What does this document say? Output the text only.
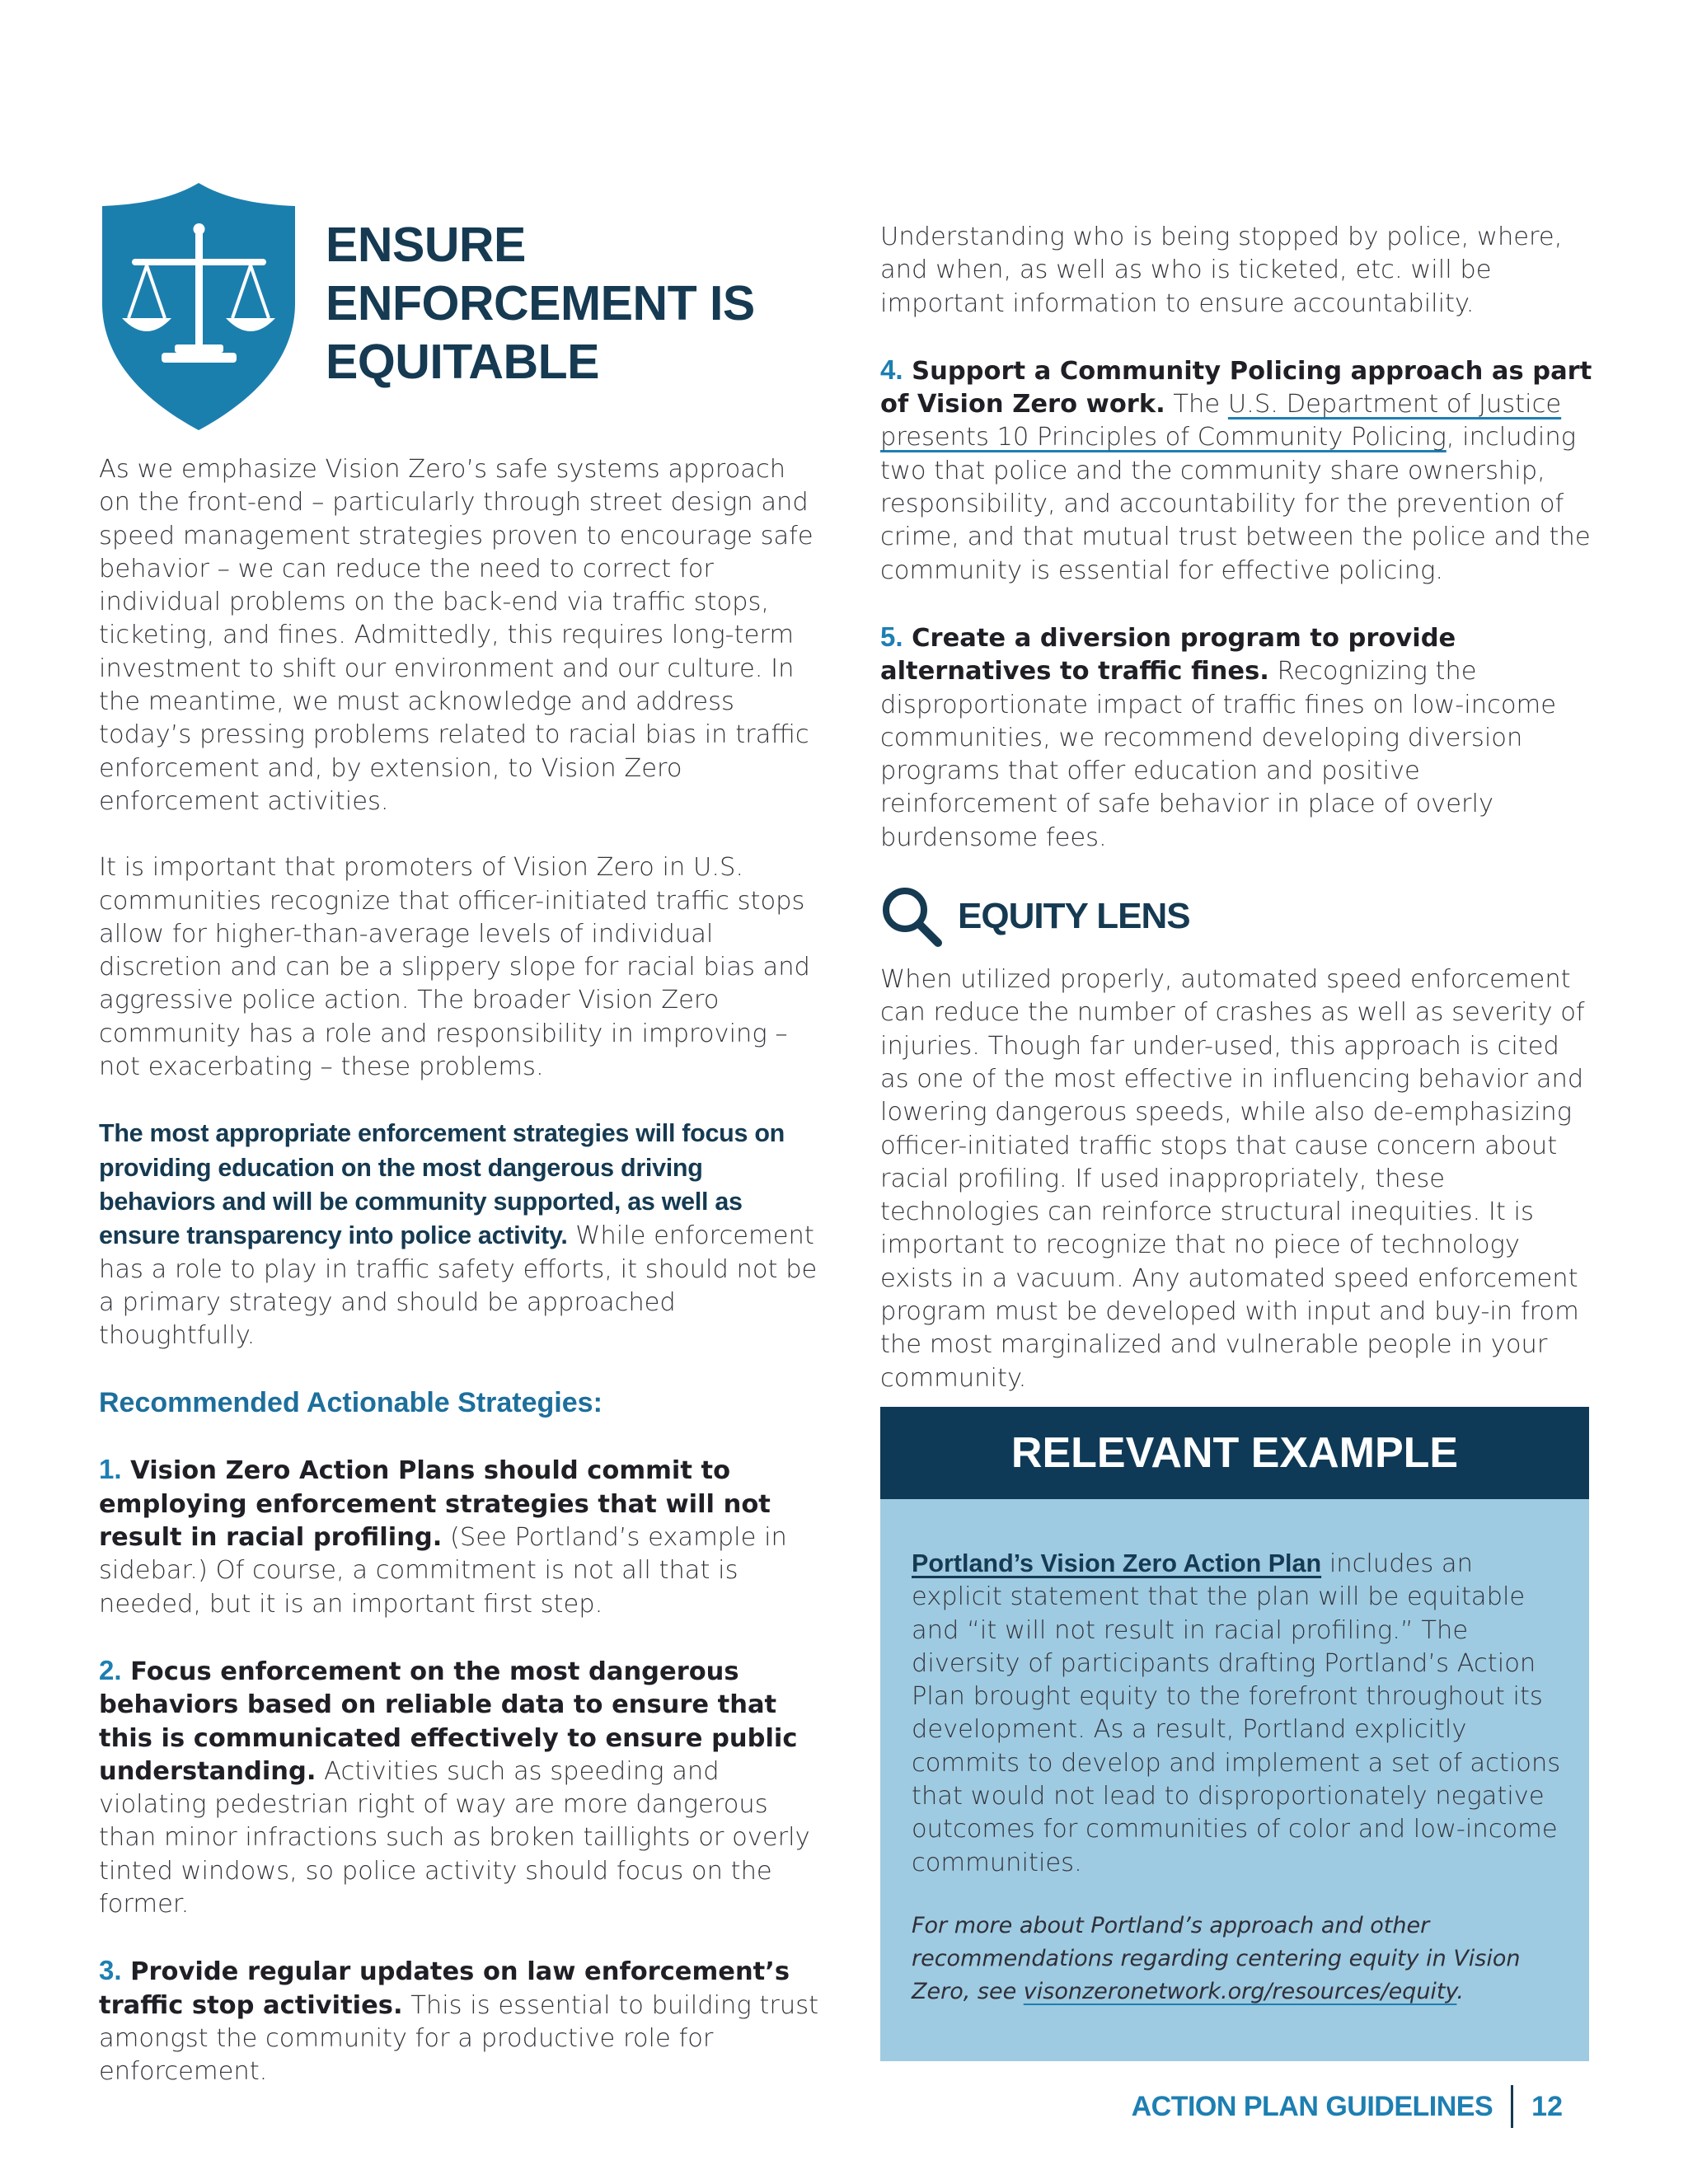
ENSURE
ENFORCEMENT IS
EQUITABLE

As we emphasize Vision Zero’s safe systems approach on the front-end – particularly through street design and speed management strategies proven to encourage safe behavior – we can reduce the need to correct for individual problems on the back-end via traffic stops, ticketing, and fines. Admittedly, this requires long-term investment to shift our environment and our culture. In the meantime, we must acknowledge and address today’s pressing problems related to racial bias in traffic enforcement and, by extension, to Vision Zero enforcement activities.

It is important that promoters of Vision Zero in U.S. communities recognize that officer-initiated traffic stops allow for higher-than-average levels of individual discretion and can be a slippery slope for racial bias and aggressive police action. The broader Vision Zero community has a role and responsibility in improving – not exacerbating – these problems.

The most appropriate enforcement strategies will focus on providing education on the most dangerous driving behaviors and will be community supported, as well as ensure transparency into police activity. While enforcement has a role to play in traffic safety efforts, it should not be a primary strategy and should be approached thoughtfully.

Recommended Actionable Strategies:

1. Vision Zero Action Plans should commit to employing enforcement strategies that will not result in racial profiling. (See Portland’s example in sidebar.) Of course, a commitment is not all that is needed, but it is an important first step.

2. Focus enforcement on the most dangerous behaviors based on reliable data to ensure that this is communicated effectively to ensure public understanding. Activities such as speeding and violating pedestrian right of way are more dangerous than minor infractions such as broken taillights or overly tinted windows, so police activity should focus on the former.

3. Provide regular updates on law enforcement’s traffic stop activities. This is essential to building trust amongst the community for a productive role for enforcement.

Understanding who is being stopped by police, where, and when, as well as who is ticketed, etc. will be important information to ensure accountability.

4. Support a Community Policing approach as part of Vision Zero work. The U.S. Department of Justice presents 10 Principles of Community Policing, including two that police and the community share ownership, responsibility, and accountability for the prevention of crime, and that mutual trust between the police and the community is essential for effective policing.

5. Create a diversion program to provide alternatives to traffic fines. Recognizing the disproportionate impact of traffic fines on low-income communities, we recommend developing diversion programs that offer education and positive reinforcement of safe behavior in place of overly burdensome fees.

EQUITY LENS

When utilized properly, automated speed enforcement can reduce the number of crashes as well as severity of injuries. Though far under-used, this approach is cited as one of the most effective in influencing behavior and lowering dangerous speeds, while also de-emphasizing officer-initiated traffic stops that cause concern about racial profiling. If used inappropriately, these technologies can reinforce structural inequities. It is important to recognize that no piece of technology exists in a vacuum. Any automated speed enforcement program must be developed with input and buy-in from the most marginalized and vulnerable people in your community.

RELEVANT EXAMPLE

Portland’s Vision Zero Action Plan includes an explicit statement that the plan will be equitable and “it will not result in racial profiling.” The diversity of participants drafting Portland’s Action Plan brought equity to the forefront throughout its development. As a result, Portland explicitly commits to develop and implement a set of actions that would not lead to disproportionately negative outcomes for communities of color and low-income communities.

For more about Portland’s approach and other recommendations regarding centering equity in Vision Zero, see visonzeronetwork.org/resources/equity.

ACTION PLAN GUIDELINES 12
